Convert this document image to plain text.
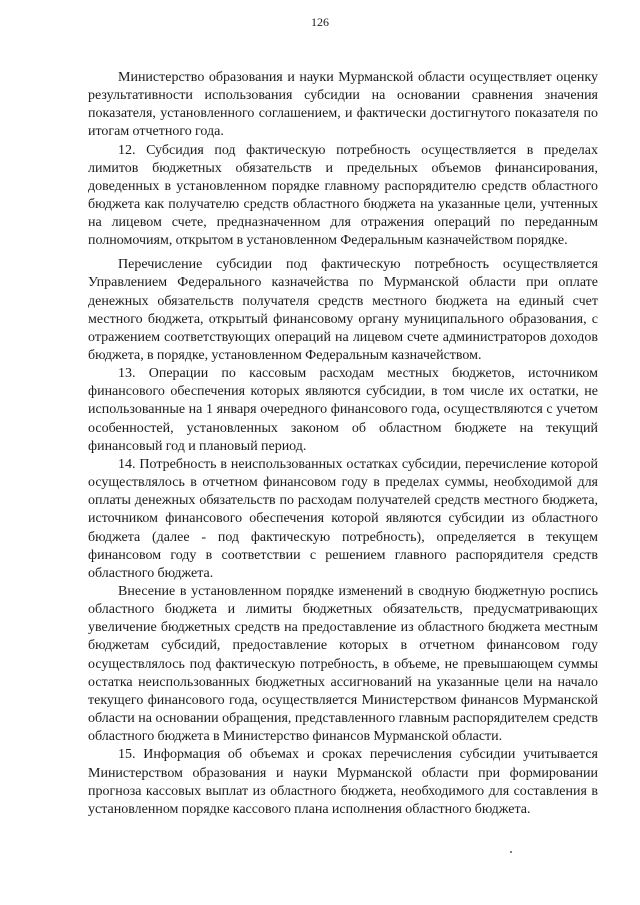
126

Министерство образования и науки Мурманской области осуществляет оценку результативности использования субсидии на основании сравнения значения показателя, установленного соглашением, и фактически достигнутого показателя по итогам отчетного года.

12. Субсидия под фактическую потребность осуществляется в пределах лимитов бюджетных обязательств и предельных объемов финансирования, доведенных в установленном порядке главному распорядителю средств областного бюджета как получателю средств областного бюджета на указанные цели, учтенных на лицевом счете, предназначенном для отражения операций по переданным полномочиям, открытом в установленном Федеральным казначейством порядке.

Перечисление субсидии под фактическую потребность осуществляется Управлением Федерального казначейства по Мурманской области при оплате денежных обязательств получателя средств местного бюджета на единый счет местного бюджета, открытый финансовому органу муниципального образования, с отражением соответствующих операций на лицевом счете администраторов доходов бюджета, в порядке, установленном Федеральным казначейством.

13. Операции по кассовым расходам местных бюджетов, источником финансового обеспечения которых являются субсидии, в том числе их остатки, не использованные на 1 января очередного финансового года, осуществляются с учетом особенностей, установленных законом об областном бюджете на текущий финансовый год и плановый период.

14. Потребность в неиспользованных остатках субсидии, перечисление которой осуществлялось в отчетном финансовом году в пределах суммы, необходимой для оплаты денежных обязательств по расходам получателей средств местного бюджета, источником финансового обеспечения которой являются субсидии из областного бюджета (далее - под фактическую потребность), определяется в текущем финансовом году в соответствии с решением главного распорядителя средств областного бюджета.

Внесение в установленном порядке изменений в сводную бюджетную роспись областного бюджета и лимиты бюджетных обязательств, предусматривающих увеличение бюджетных средств на предоставление из областного бюджета местным бюджетам субсидий, предоставление которых в отчетном финансовом году осуществлялось под фактическую потребность, в объеме, не превышающем суммы остатка неиспользованных бюджетных ассигнований на указанные цели на начало текущего финансового года, осуществляется Министерством финансов Мурманской области на основании обращения, представленного главным распорядителем средств областного бюджета в Министерство финансов Мурманской области.

15. Информация об объемах и сроках перечисления субсидии учитывается Министерством образования и науки Мурманской области при формировании прогноза кассовых выплат из областного бюджета, необходимого для составления в установленном порядке кассового плана исполнения областного бюджета.
